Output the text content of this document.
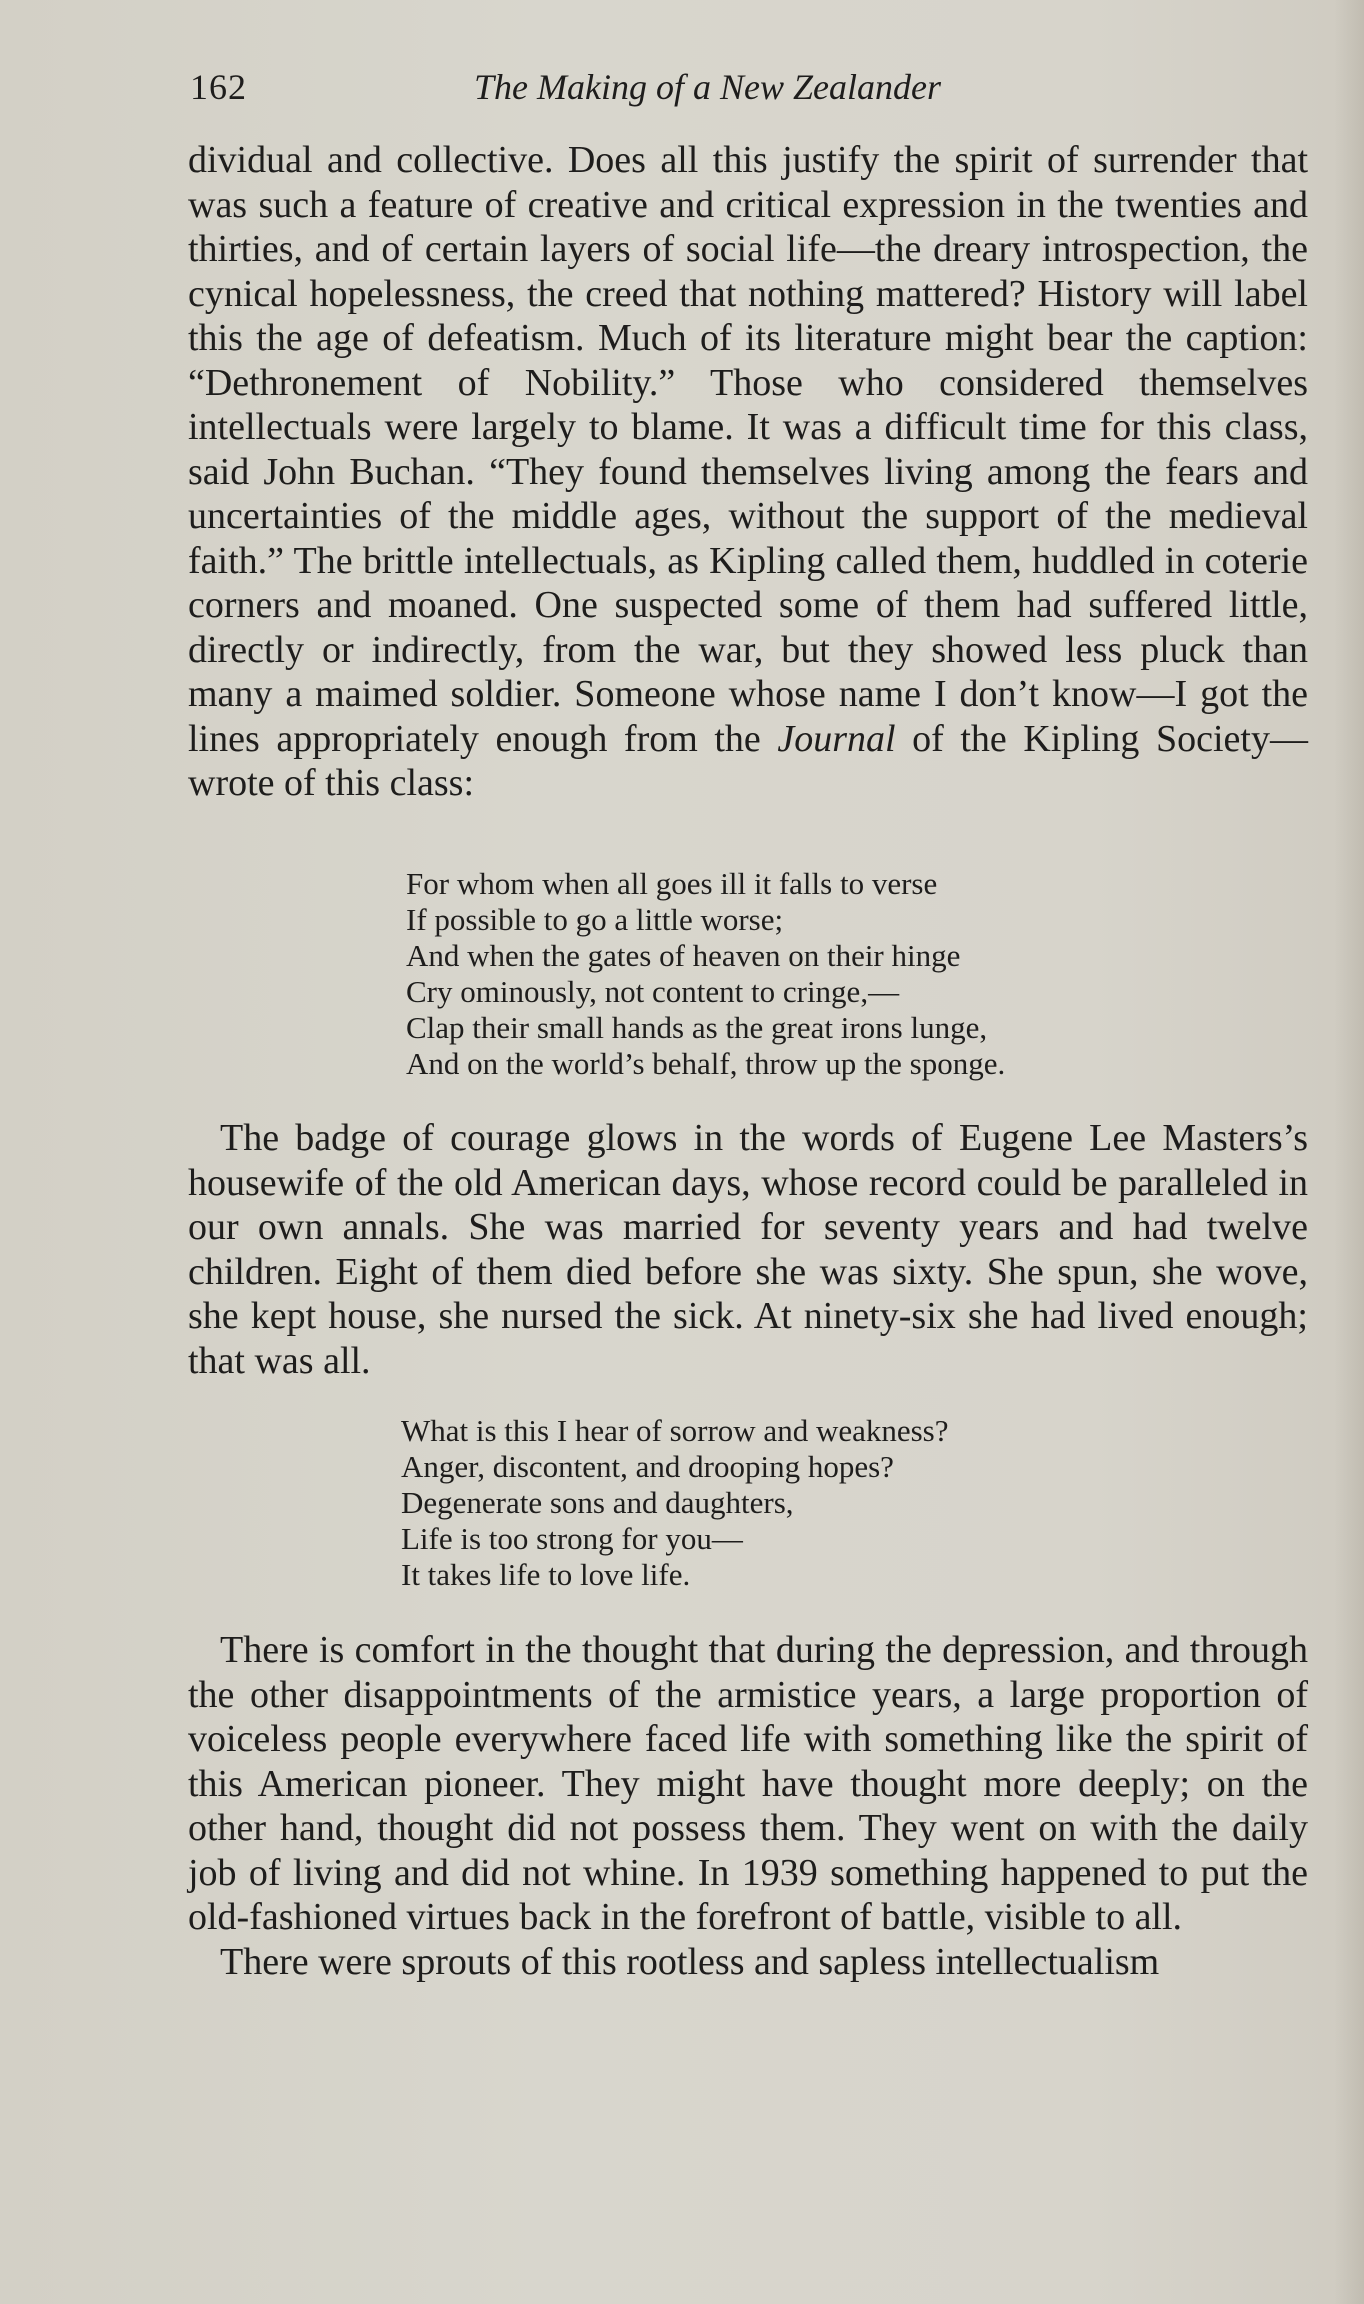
162	The Making of a New Zealander

dividual and collective. Does all this justify the spirit of surrender that was such a feature of creative and critical expression in the twenties and thirties, and of certain layers of social life—the dreary introspection, the cynical hopelessness, the creed that nothing mattered? History will label this the age of defeatism. Much of its literature might bear the caption: “Dethronement of Nobility.” Those who considered themselves intellectuals were largely to blame. It was a difficult time for this class, said John Buchan. “They found themselves living among the fears and uncertainties of the middle ages, without the support of the medieval faith.” The brittle intellectuals, as Kipling called them, huddled in coterie corners and moaned. One suspected some of them had suffered little, directly or indirectly, from the war, but they showed less pluck than many a maimed soldier. Someone whose name I don’t know—I got the lines appropriately enough from the Journal of the Kipling Society—wrote of this class:

For whom when all goes ill it falls to verse
If possible to go a little worse;
And when the gates of heaven on their hinge
Cry ominously, not content to cringe,—
Clap their small hands as the great irons lunge,
And on the world’s behalf, throw up the sponge.

The badge of courage glows in the words of Eugene Lee Masters’s housewife of the old American days, whose record could be paralleled in our own annals. She was married for seventy years and had twelve children. Eight of them died before she was sixty. She spun, she wove, she kept house, she nursed the sick. At ninety-six she had lived enough; that was all.

What is this I hear of sorrow and weakness?
Anger, discontent, and drooping hopes?
Degenerate sons and daughters,
Life is too strong for you—
It takes life to love life.

There is comfort in the thought that during the depression, and through the other disappointments of the armistice years, a large proportion of voiceless people everywhere faced life with something like the spirit of this American pioneer. They might have thought more deeply; on the other hand, thought did not possess them. They went on with the daily job of living and did not whine. In 1939 something happened to put the old-fashioned virtues back in the forefront of battle, visible to all.

There were sprouts of this rootless and sapless intellectualism
